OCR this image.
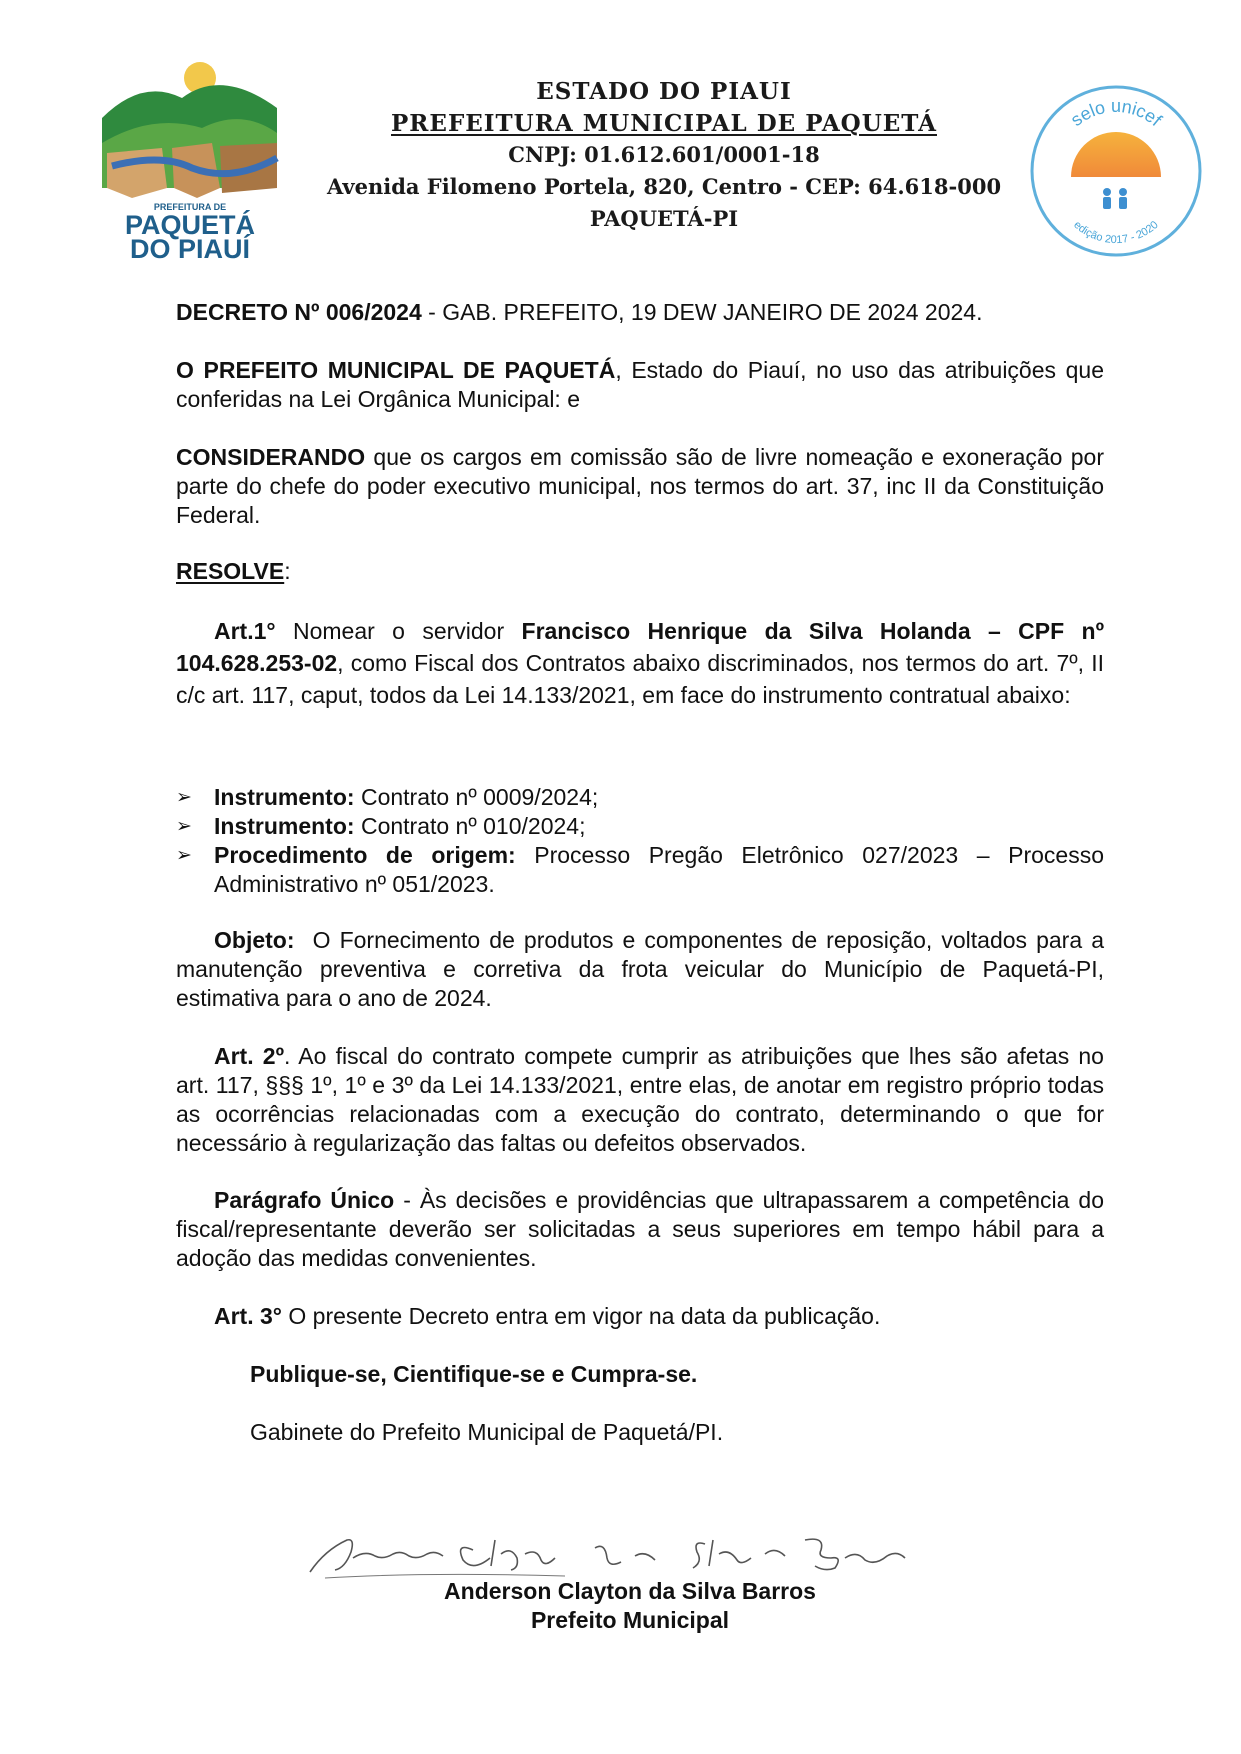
PREFEITURA DE
PAQUETÁ
DO PIAUÍ
ESTADO DO PIAUI
PREFEITURA MUNICIPAL DE PAQUETÁ
CNPJ: 01.612.601/0001-18
Avenida Filomeno Portela, 820, Centro - CEP: 64.618-000
PAQUETÁ-PI
selo unicef
edição 2017 - 2020
DECRETO Nº 006/2024 - GAB. PREFEITO, 19 DEW JANEIRO DE 2024 2024.
O PREFEITO MUNICIPAL DE PAQUETÁ, Estado do Piauí, no uso das atribuições que conferidas na Lei Orgânica Municipal: e
CONSIDERANDO que os cargos em comissão são de livre nomeação e exoneração por parte do chefe do poder executivo municipal, nos termos do art. 37, inc II da Constituição Federal.
RESOLVE:
Art.1° Nomear o servidor Francisco Henrique da Silva Holanda – CPF nº 104.628.253-02, como Fiscal dos Contratos abaixo discriminados, nos termos do art. 7º, II c/c art. 117, caput, todos da Lei 14.133/2021, em face do instrumento contratual abaixo:
➢ Instrumento: Contrato nº 0009/2024;
➢ Instrumento: Contrato nº 010/2024;
➢ Procedimento de origem: Processo Pregão Eletrônico 027/2023 – Processo Administrativo nº 051/2023.
Objeto:  O Fornecimento de produtos e componentes de reposição, voltados para a manutenção preventiva e corretiva da frota veicular do Município de Paquetá-PI, estimativa para o ano de 2024.
Art. 2º. Ao fiscal do contrato compete cumprir as atribuições que lhes são afetas no art. 117, §§§ 1º, 1º e 3º da Lei 14.133/2021, entre elas, de anotar em registro próprio todas as ocorrências relacionadas com a execução do contrato, determinando o que for necessário à regularização das faltas ou defeitos observados.
Parágrafo Único - Às decisões e providências que ultrapassarem a competência do fiscal/representante deverão ser solicitadas a seus superiores em tempo hábil para a adoção das medidas convenientes.
Art. 3° O presente Decreto entra em vigor na data da publicação.
Publique-se, Cientifique-se e Cumpra-se.
Gabinete do Prefeito Municipal de Paquetá/PI.
Anderson Clayton da Silva Barros
Prefeito Municipal
